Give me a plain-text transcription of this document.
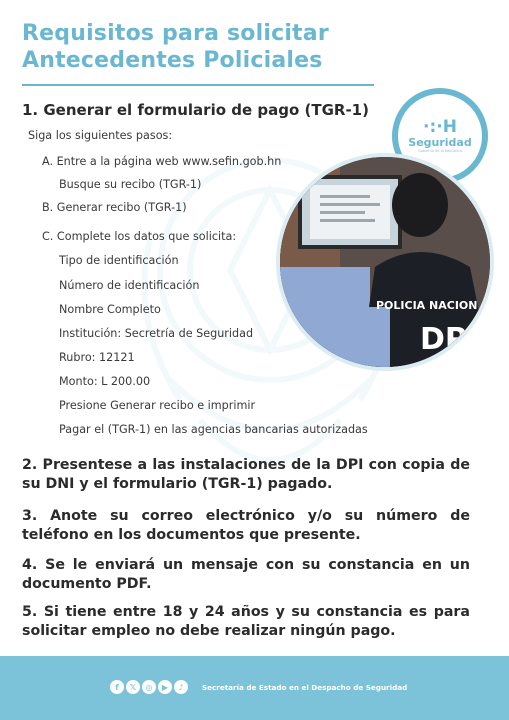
Requisitos para solicitar
Antecedentes Policiales
·:·H
Seguridad
Gobierno de la República
POLICIA NACION
DP
1. Generar el formulario de pago (TGR-1)
Siga los siguientes pasos:
A. Entre a la página web www.sefin.gob.hn
Busque su recibo (TGR-1)
B. Generar recibo (TGR-1)
C. Complete los datos que solicita:
Tipo de identificación
Número de identificación
Nombre Completo
Institución: Secretría de Seguridad
Rubro: 12121
Monto: L 200.00
Presione Generar recibo e imprimir
Pagar el (TGR-1) en las agencias bancarias autorizadas
2. Presentese a las instalaciones de la DPI con copia de su DNI y el formulario (TGR-1) pagado.
3. Anote su correo electrónico y/o su número de teléfono en los documentos que presente.
4. Se le enviará un mensaje con su constancia en un documento PDF.
5. Si tiene entre 18 y 24 años y su constancia es para solicitar empleo no debe realizar ningún pago.
f	𝕏	◎	▶	♪	Secretaría de Estado en el Despacho de Seguridad
